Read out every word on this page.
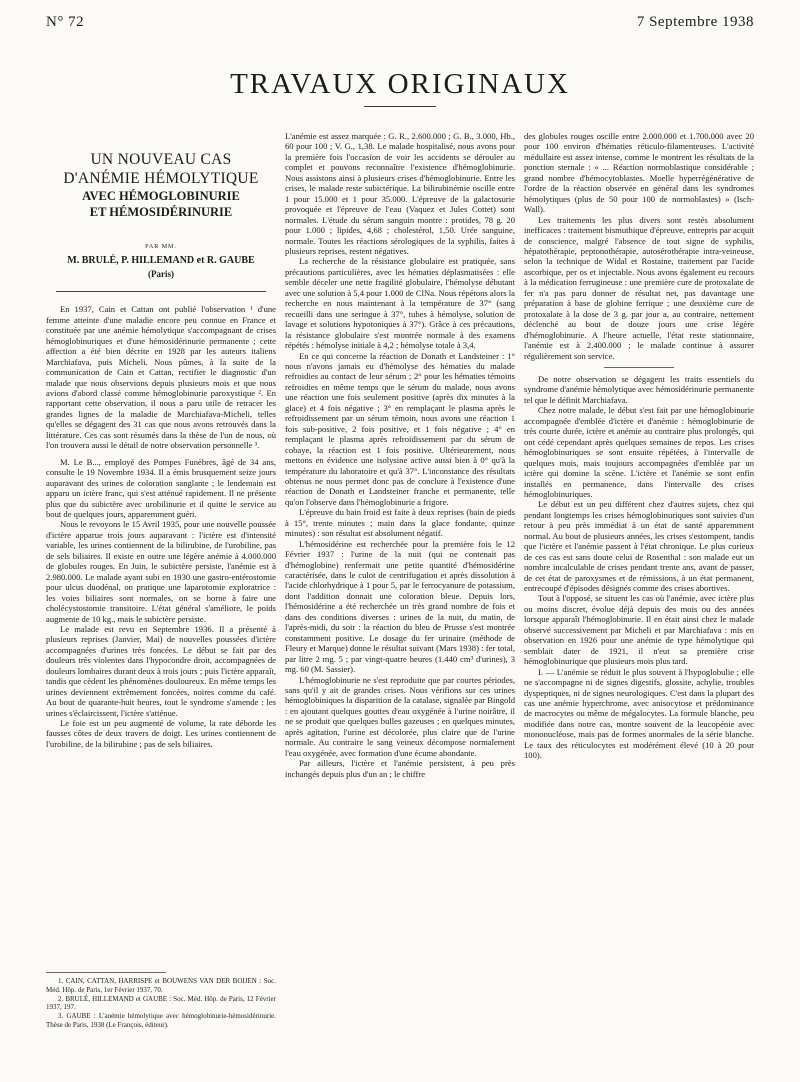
N° 72	7 Septembre 1938
TRAVAUX ORIGINAUX
UN NOUVEAU CAS
D'ANÉMIE HÉMOLYTIQUE
AVEC HÉMOGLOBINURIE
ET HÉMOSIDÉRINURIE
PAR MM.
M. BRULÉ, P. HILLEMAND et R. GAUBE
(Paris)

En 1937, Cain et Cattan ont publié l'observation ¹ d'une femme atteinte d'une maladie encore peu connue en France et constituée par une anémie hémolytique s'accompagnant de crises hémoglobinuriques et d'une hémosidérinurie permanente ; cette affection a été bien décrite en 1928 par les auteurs italiens Marchiafava, puis Micheli. Nous pûmes, à la suite de la communication de Cain et Cattan, rectifier le diagnostic d'un malade que nous observions depuis plusieurs mois et que nous avions d'abord classé comme hémoglobinurie paroxystique ². En rapportant cette observation, il nous a paru utile de retracer les grandes lignes de la maladie de Marchiafava-Micheli, telles qu'elles se dégagent des 31 cas que nous avons retrouvés dans la littérature. Ces cas sont résumés dans la thèse de l'un de nous, où l'on trouvera aussi le détail de notre observation personnelle ³.

M. Le B..., employé des Pompes Funèbres, âgé de 34 ans, consulte le 19 Novembre 1934. Il a émis brusquement seize jours auparavant des urines de coloration sanglante ; le lendemain est apparu un ictère franc, qui s'est atténué rapidement. Il ne présente plus que du subictère avec urobilinurie et il quitte le service au bout de quelques jours, apparemment guéri.

Nous le revoyons le 15 Avril 1935, pour une nouvelle poussée d'ictère apparue trois jours auparavant : l'ictère est d'intensité variable, les urines contiennent de la bilirubine, de l'urobiline, pas de sels biliaires. Il existe en outre une légère anémie à 4.000.000 de globules rouges. En Juin, le subictère persiste, l'anémie est à 2.980.000. Le malade ayant subi en 1930 une gastro-entérostomie pour ulcus duodénal, on pratique une laparotomie exploratrice : les voies biliaires sont normales, on se borne à faire une cholécystostomie transitoire. L'état général s'améliore, le poids augmente de 10 kg., mais le subictère persiste.

Le malade est revu en Septembre 1936. Il a présenté à plusieurs reprises (Janvier, Mai) de nouvelles poussées d'ictère accompagnées d'urines très foncées. Le début se fait par des douleurs très violentes dans l'hypocondre droit, accompagnées de douleurs lombaires durant deux à trois jours ; puis l'ictère apparaît, tandis que cèdent les phénomènes douloureux. En même temps les urines deviennent extrêmement foncées, noires comme du café. Au bout de quarante-huit heures, tout le syndrome s'amende : les urines s'éclaircissent, l'ictère s'atténue.

Le foie est un peu augmenté de volume, la rate déborde les fausses côtes de deux travers de doigt. Les urines contiennent de l'urobiline, de la bilirubine ; pas de sels biliaires.

1. CAIN, CATTAN, HARRISPE et BOUWENS VAN DER BOIJEN : Soc. Méd. Hôp. de Paris, 1er Février 1937, 70.

2. BRULÉ, HILLEMAND et GAUBE : Soc. Méd. Hôp. de Paris, 12 Février 1937, 197.

3. GAUBE : L'anémie hémolytique avec hémoglobinurie-hémosidérinurie. Thèse de Paris, 1938 (Le François, éditeur).

L'anémie est assez marquée : G. R., 2.600.000 ; G. B., 3.000, Hb., 60 pour 100 ; V. G., 1,38. Le malade hospitalisé, nous avons pour la première fois l'occasion de voir les accidents se dérouler au complet et pouvons reconnaître l'existence d'hémoglobinurie. Nous assistons ainsi à plusieurs crises d'hémoglobinurie. Entre les crises, le malade reste subictérique. La bilirubinémie oscille entre 1 pour 15.000 et 1 pour 35.000. L'épreuve de la galactosurie provoquée et l'épreuve de l'eau (Vaquez et Jules Cottet) sont normales. L'étude du sérum sanguin montre : protides, 78 g. 20 pour 1.000 ; lipides, 4,68 ; cholestérol, 1,50. Urée sanguine, normale. Toutes les réactions sérologiques de la syphilis, faites à plusieurs reprises, restent négatives.

La recherche de la résistance globulaire est pratiquée, sans précautions particulières, avec les hématies déplasmatisées : elle semble déceler une nette fragilité globulaire, l'hémolyse débutant avec une solution à 5,4 pour 1.000 de ClNa. Nous répétons alors la recherche en nous maintenant à la température de 37° (sang recueilli dans une seringue à 37°, tubes à hémolyse, solution de lavage et solutions hypotoniques à 37°). Grâce à ces précautions, la résistance globulaire s'est montrée normale à des examens répétés : hémolyse initiale à 4,2 ; hémolyse totale à 3,4.

En ce qui concerne la réaction de Donath et Landsteiner : 1° nous n'avons jamais eu d'hémolyse des hématies du malade refroidies au contact de leur sérum ; 2° pour les hématies témoins refroidies en même temps que le sérum du malade, nous avons une réaction une fois seulement positive (après dix minutes à la glace) et 4 fois négative ; 3° en remplaçant le plasma après le refroidissement par un sérum témoin, nous avons une réaction 1 fois sub-positive, 2 fois positive, et 1 fois négative ; 4° en remplaçant le plasma après refroidissement par du sérum de cobaye, la réaction est 1 fois positive. Ultérieurement, nous mettons en évidence une isolysine active aussi bien à 0° qu'à la température du laboratoire et qu'à 37°. L'inconstance des résultats obtenus ne nous permet donc pas de conclure à l'existence d'une réaction de Donath et Landsteiner franche et permanente, telle qu'on l'observe dans l'hémoglobinurie a frigore.

L'épreuve du bain froid est faite à deux reprises (bain de pieds à 15°, trente minutes ; main dans la glace fondante, quinze minutes) : son résultat est absolument négatif.

L'hémosidérine est recherchée pour la première fois le 12 Février 1937 : l'urine de la nuit (qui ne contenait pas d'hémoglobine) renfermait une petite quantité d'hémosidérine caractérisée, dans le culot de centrifugation et après dissolution à l'acide chlorhydrique à 1 pour 5, par le ferrocyanure de potassium, dont l'addition donnait une coloration bleue. Depuis lors, l'hémosidérine a été recherchée un très grand nombre de fois et dans des conditions diverses : urines de la nuit, du matin, de l'après-midi, du soir : la réaction du bleu de Prusse s'est montrée constamment positive. Le dosage du fer urinaire (méthode de Fleury et Marque) donne le résultat suivant (Mars 1938) : fer total, par litre 2 mg. 5 ; par vingt-quatre heures (1.440 cm³ d'urines), 3 mg. 60 (M. Sassier).

L'hémoglobinurie ne s'est reproduite que par courtes périodes, sans qu'il y ait de grandes crises. Nous vérifions sur ces urines hémoglobiniques la disparition de la catalase, signalée par Bingold : en ajoutant quelques gouttes d'eau oxygénée à l'urine noirâtre, il ne se produit que quelques bulles gazeuses ; en quelques minutes, après agitation, l'urine est décolorée, plus claire que de l'urine normale. Au contraire le sang veineux décompose normalement l'eau oxygénée, avec formation d'une écume abondante.

Par ailleurs, l'ictère et l'anémie persistent, à peu près inchangés depuis plus d'un an ; le chiffre

des globules rouges oscille entre 2.000.000 et 1.700.000 avec 20 pour 100 environ d'hématies réticulo-filamenteuses. L'activité médullaire est assez intense, comme le montrent les résultats de la ponction sternale : « ... Réaction normoblastique considérable ; grand nombre d'hémocytoblastes. Moelle hyperrégénérative de l'ordre de la réaction observée en général dans les syndromes hémolytiques (plus de 50 pour 100 de normoblastes) » (Isch-Wall).

Les traitements les plus divers sont restés absolument inefficaces : traitement bismuthique d'épreuve, entrepris par acquit de conscience, malgré l'absence de tout signe de syphilis, hépatothérapie, peptonothérapie, autosérothérapie intra-veineuse, selon la technique de Widal et Rostaine, traitement par l'acide ascorbique, per os et injectable. Nous avons également eu recours à la médication ferrugineuse : une première cure de protoxalate de fer n'a pas paru donner de résultat net, pas davantage une préparation à base de globine ferrique ; une deuxième cure de protoxalate à la dose de 3 g. par jour a, au contraire, nettement déclenché au bout de douze jours une crise légère d'hémoglobinurie. A l'heure actuelle, l'état reste stationnaire, l'anémie est à 2.400.000 ; le malade continue à assurer régulièrement son service.

De notre observation se dégagent les traits essentiels du syndrome d'anémie hémolytique avec hémosidérinurie permanente tel que le définit Marchiafava.

Chez notre malade, le début s'est fait par une hémoglobinurie accompagnée d'emblée d'ictère et d'anémie : hémoglobinurie de très courte durée, ictère et anémie au contraire plus prolongés, qui ont cédé cependant après quelques semaines de repos. Les crises hémoglobinuriques se sont ensuite répétées, à l'intervalle de quelques mois, mais toujours accompagnées d'emblée par un ictère qui domine la scène. L'ictère et l'anémie se sont enfin installés en permanence, dans l'intervalle des crises hémoglobinuriques.

Le début est un peu différent chez d'autres sujets, chez qui pendant longtemps les crises hémoglobinuriques sont suivies d'un retour à peu près immédiat à un état de santé apparemment normal. Au bout de plusieurs années, les crises s'estompent, tandis que l'ictère et l'anémie passent à l'état chronique. Le plus curieux de ces cas est sans doute celui de Rosenthal : son malade eut un nombre incalculable de crises pendant trente ans, avant de passer, de cet état de paroxysmes et de rémissions, à un état permanent, entrecoupé d'épisodes désignés comme des crises abortives.

Tout à l'opposé, se situent les cas où l'anémie, avec ictère plus ou moins discret, évolue déjà depuis des mois ou des années lorsque apparaît l'hémoglobinurie. Il en était ainsi chez le malade observé successivement par Micheli et par Marchiafava : mis en observation en 1926 pour une anémie de type hémolytique qui semblait dater de 1921, il n'eut sa première crise hémoglobinurique que plusieurs mois plus tard.

I. — L'anémie se réduit le plus souvent à l'hypoglobulie ; elle ne s'accompagne ni de signes digestifs, glossite, achylie, troubles dyspeptiques, ni de signes neurologiques. C'est dans la plupart des cas une anémie hyperchrome, avec anisocytose et prédominance de macrocytes ou même de mégalocytes. La formule blanche, peu modifiée dans notre cas, montre souvent de la leucopénie avec mononucléose, mais pas de formes anormales de la série blanche. Le taux des réticulocytes est modérément élevé (10 à 20 pour 100).
